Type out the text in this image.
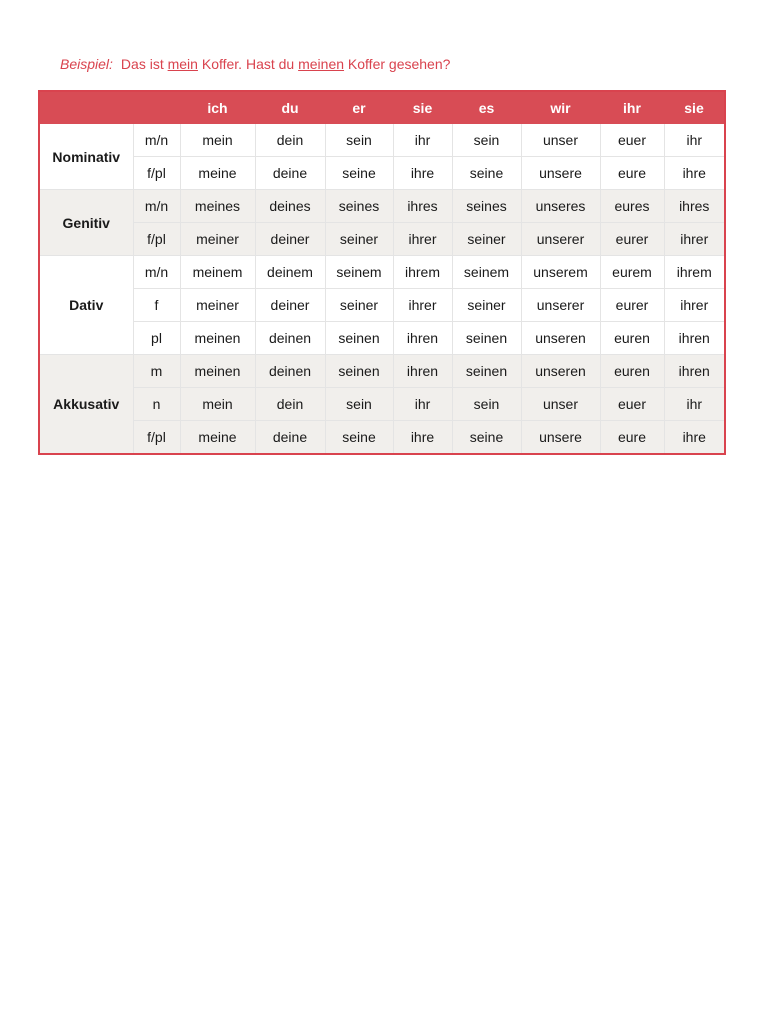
Beispiel: Das ist mein Koffer. Hast du meinen Koffer gesehen?
		ich	du	er	sie	es	wir	ihr	sie
Nominativ	m/n	mein	dein	sein	ihr	sein	unser	euer	ihr
	f/pl	meine	deine	seine	ihre	seine	unsere	eure	ihre
Genitiv	m/n	meines	deines	seines	ihres	seines	unseres	eures	ihres
	f/pl	meiner	deiner	seiner	ihrer	seiner	unserer	eurer	ihrer
Dativ	m/n	meinem	deinem	seinem	ihrem	seinem	unserem	eurem	ihrem
	f	meiner	deiner	seiner	ihrer	seiner	unserer	eurer	ihrer
	pl	meinen	deinen	seinen	ihren	seinen	unseren	euren	ihren
Akkusativ	m	meinen	deinen	seinen	ihren	seinen	unseren	euren	ihren
	n	mein	dein	sein	ihr	sein	unser	euer	ihr
	f/pl	meine	deine	seine	ihre	seine	unsere	eure	ihre
